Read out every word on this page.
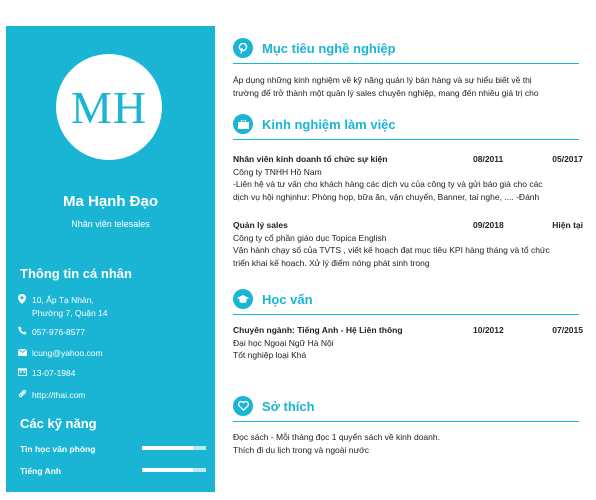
MH
Ma Hạnh Đạo
Nhân viên telesales
Thông tin cá nhân
10, Ấp Tạ Nhàn,
Phường 7, Quận 14
057-976-8577
lcung@yahoo.com
13-07-1984
http://thai.com
Các kỹ năng
Tin học văn phòng
Tiếng Anh
Mục tiêu nghề nghiệp
Áp dụng những kinh nghiệm về kỹ năng quản lý bán hàng và sự hiểu biết về thị
trường để trở thành một quản lý sales chuyên nghiệp, mang đến nhiều giá trị cho
Kinh nghiệm làm việc
Nhân viên kinh doanh tổ chức sự kiện	08/2011	05/2017
Công ty TNHH Hồ Nam
-Liên hệ và tư vấn cho khách hàng các dịch vụ của công ty và gửi báo giá cho các
dịch vụ hội nghịnhư: Phòng họp, bữa ăn, vận chuyển, Banner, tai nghe, .... -Đánh
Quản lý sales	09/2018	Hiện tại
Công ty cổ phần giáo dục Topica English
Vận hành chạy số của TVTS , viết kế hoạch đạt mục tiêu KPI hàng tháng và tổ chức
triển khai kế hoạch. Xử lý điểm nóng phát sinh trong
Học vấn
Chuyên ngành: Tiếng Anh - Hệ Liên thông	10/2012	07/2015
Đại học Ngoại Ngữ Hà Nội
Tốt nghiệp loại Khá
Sở thích
Đọc sách - Mỗi tháng đọc 1 quyển sách về kinh doanh.
Thích đi du lịch trong và ngoài nước
